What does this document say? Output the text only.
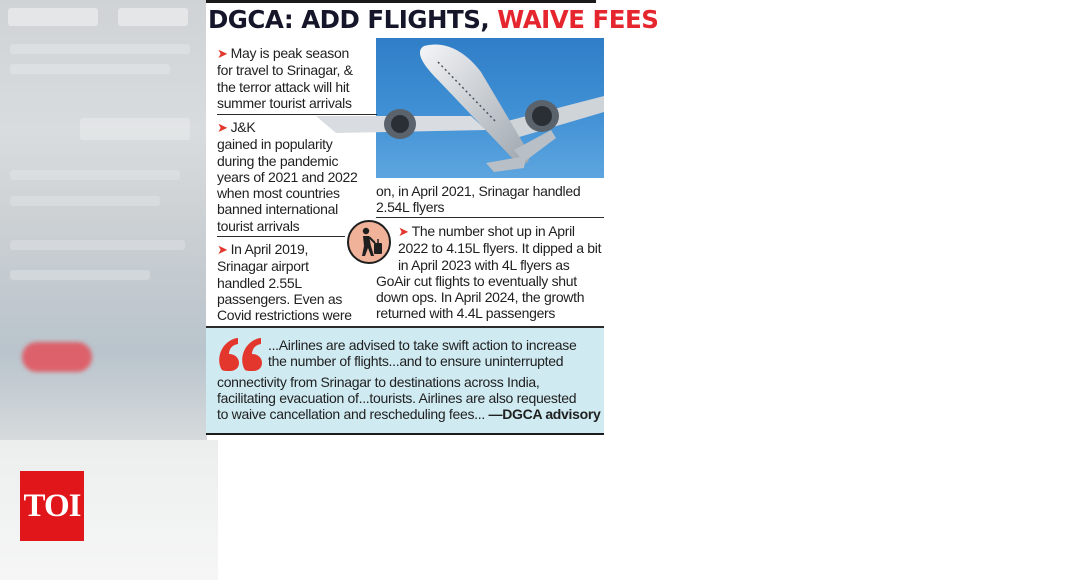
TOI
DGCA: ADD FLIGHTS, WAIVE FEES
➤ May is peak season
for travel to Srinagar, &
the terror attack will hit
summer tourist arrivals
➤ J&K
gained in popularity
during the pandemic
years of 2021 and 2022
when most countries
banned international
tourist arrivals
➤ In April 2019,
Srinagar airport
handled 2.55L
passengers. Even as
Covid restrictions were
on, in April 2021, Srinagar handled
2.54L flyers
➤ The number shot up in April
2022 to 4.15L flyers. It dipped a bit
in April 2023 with 4L flyers as
GoAir cut flights to eventually shut
down ops. In April 2024, the growth
returned with 4.4L passengers
...Airlines are advised to take swift action to increase
the number of flights...and to ensure uninterrupted
connectivity from Srinagar to destinations across India,
facilitating evacuation of...tourists. Airlines are also requested
to waive cancellation and rescheduling fees... —DGCA advisory
